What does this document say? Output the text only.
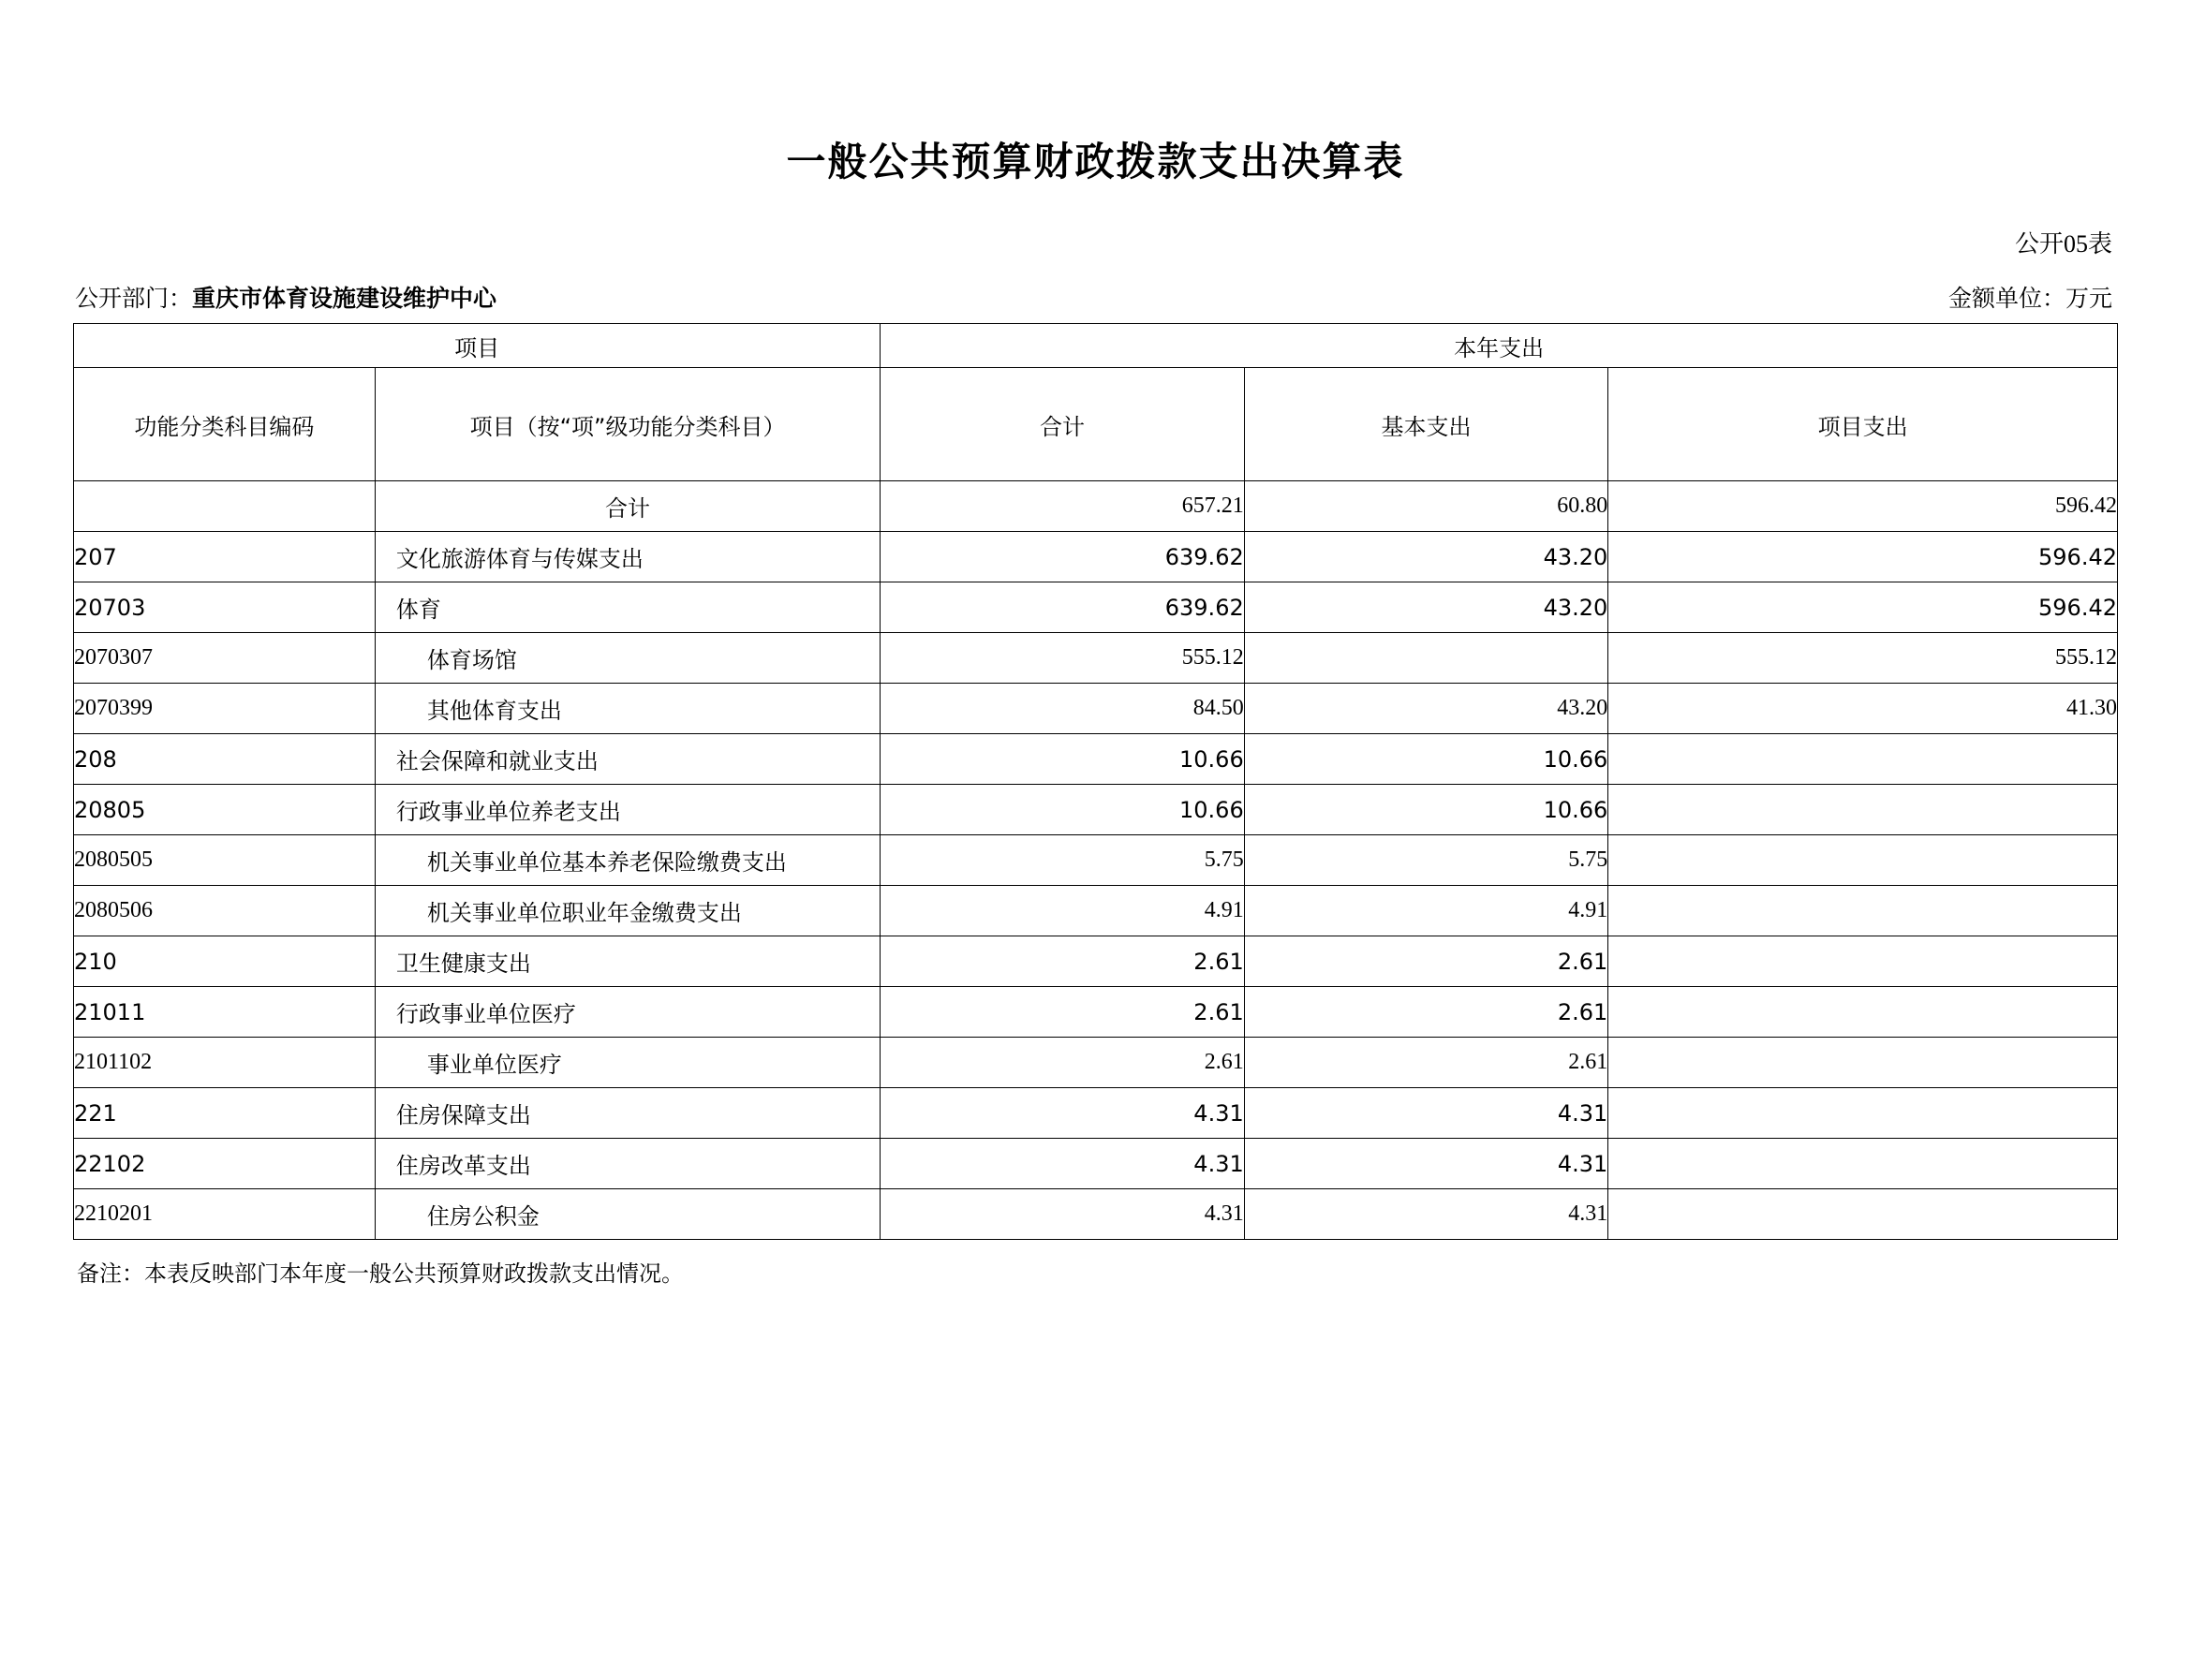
一般公共预算财政拨款支出决算表
公开05表
公开部门：重庆市体育设施建设维护中心	金额单位：万元
项目		本年支出		
功能分类科目编码	项目（按“项”级功能分类科目）	合计	基本支出	项目支出
	合计	657.21	60.80	596.42
207	文化旅游体育与传媒支出	639.62	43.20	596.42
20703	体育	639.62	43.20	596.42
2070307	体育场馆	555.12		555.12
2070399	其他体育支出	84.50	43.20	41.30
208	社会保障和就业支出	10.66	10.66	
20805	行政事业单位养老支出	10.66	10.66	
2080505	机关事业单位基本养老保险缴费支出	5.75	5.75	
2080506	机关事业单位职业年金缴费支出	4.91	4.91	
210	卫生健康支出	2.61	2.61	
21011	行政事业单位医疗	2.61	2.61	
2101102	事业单位医疗	2.61	2.61	
221	住房保障支出	4.31	4.31	
22102	住房改革支出	4.31	4.31	
2210201	住房公积金	4.31	4.31	
备注：本表反映部门本年度一般公共预算财政拨款支出情况。
